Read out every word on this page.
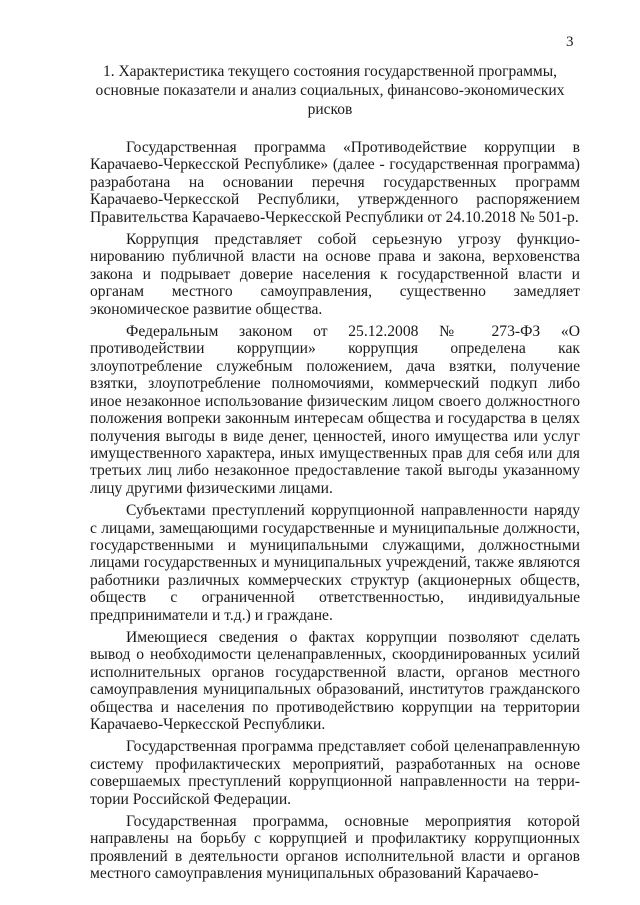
3
1. Характеристика текущего состояния государственной программы, основные показатели и анализ социальных, финансово-экономических рисков

Государственная программа «Противодействие коррупции в Карачаево-Черкесской Республике» (далее - государственная программа) разработана на основании перечня государственных программ Карачаево-Черкесской Республики, утвержденного распоряжением Правительства Карачаево-Черкесской Республики от 24.10.2018 № 501-р.

Коррупция представляет собой серьезную угрозу функционированию публичной власти на основе права и закона, верховенства закона и подрывает доверие населения к государственной власти и органам местного самоуправления, существенно замедляет экономическое развитие общества.

Федеральным законом от 25.12.2008 № 273-ФЗ «О противодействии коррупции» коррупция определена как злоупотребление служебным положением, дача взятки, получение взятки, злоупотребление полномочиями, коммерческий подкуп либо иное незаконное использование физическим лицом своего должностного положения вопреки законным интересам общества и государства в целях получения выгоды в виде денег, ценностей, иного имущества или услуг имущественного характера, иных имущественных прав для себя или для третьих лиц либо незаконное предоставление такой выгоды указанному лицу другими физическими лицами.

Субъектами преступлений коррупционной направленности наряду с лицами, замещающими государственные и муниципальные должности, государственными и муниципальными служащими, должностными лицами государственных и муниципальных учреждений, также являются работники различных коммерческих структур (акционерных обществ, обществ с ограниченной ответственностью, индивидуальные предприниматели и т.д.) и граждане.

Имеющиеся сведения о фактах коррупции позволяют сделать вывод о необходимости целенаправленных, скоординированных усилий исполнительных органов государственной власти, органов местного самоуправления муниципальных образований, институтов гражданского общества и населения по противодействию коррупции на территории Карачаево-Черкесской Республики.

Государственная программа представляет собой целенаправленную систему профилактических мероприятий, разработанных на основе совершаемых преступлений коррупционной направленности на территории Российской Федерации.

Государственная программа, основные мероприятия которой направлены на борьбу с коррупцией и профилактику коррупционных проявлений в деятельности органов исполнительной власти и органов местного самоуправления муниципальных образований Карачаево-
